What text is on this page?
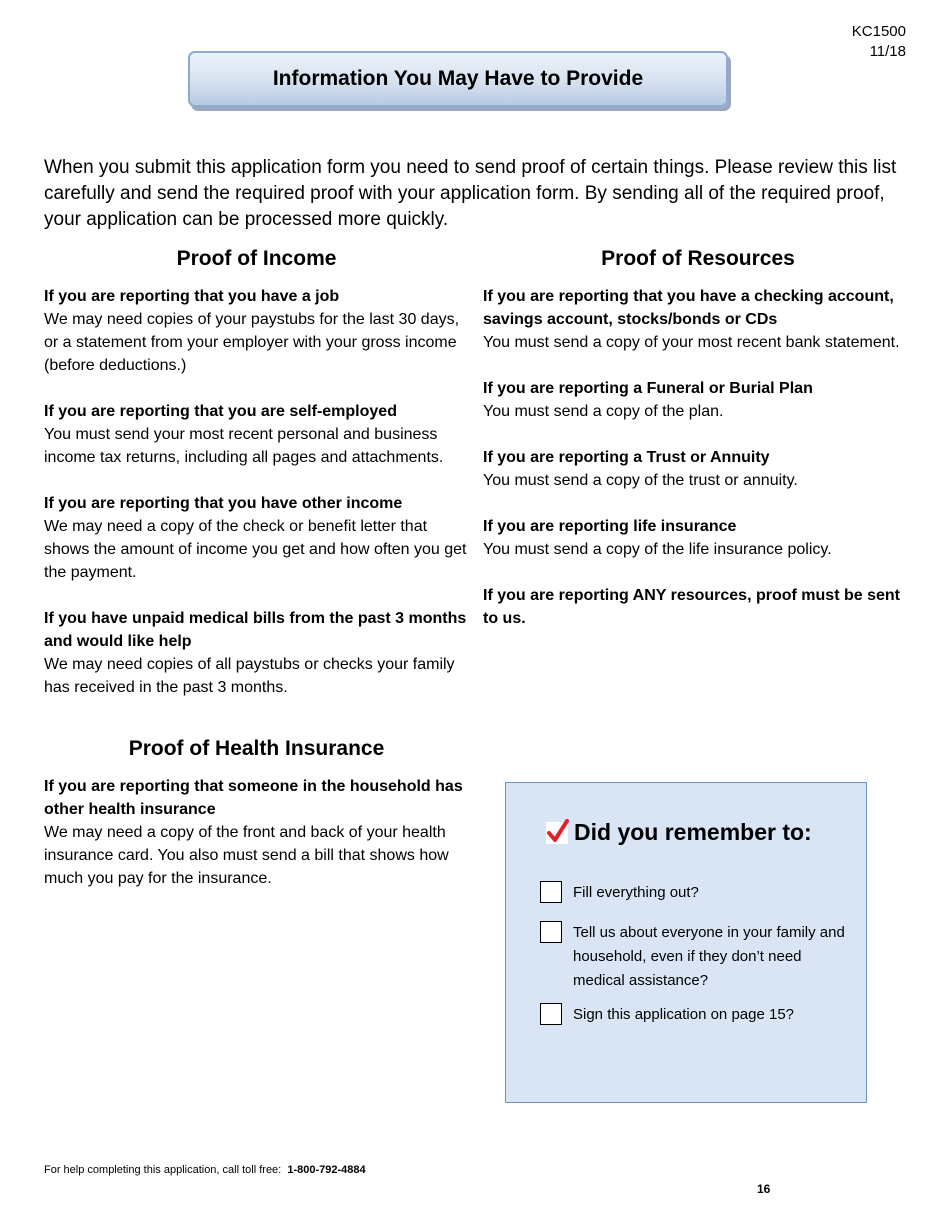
KC1500
11/18
Information You May Have to Provide
When you submit this application form you need to send proof of certain things. Please review this list carefully and send the required proof with your application form. By sending all of the required proof, your application can be processed more quickly.
Proof of Income
If you are reporting that you have a job
We may need copies of your paystubs for the last 30 days, or a statement from your employer with your gross income (before deductions.)
If you are reporting that you are self-employed
You must send your most recent personal and business income tax returns, including all pages and attachments.
If you are reporting that you have other income
We may need a copy of the check or benefit letter that shows the amount of income you get and how often you get the payment.
If you have unpaid medical bills from the past 3 months and would like help
We may need copies of all paystubs or checks your family has received in the past 3 months.
Proof of Resources
If you are reporting that you have a checking account, savings account, stocks/bonds or CDs
You must send a copy of your most recent bank statement.
If you are reporting a Funeral or Burial Plan
You must send a copy of the plan.
If you are reporting a Trust or Annuity
You must send a copy of the trust or annuity.
If you are reporting life insurance
You must send a copy of the life insurance policy.
If you are reporting ANY resources, proof must be sent to us.
Proof of Health Insurance
If you are reporting that someone in the household has other health insurance
We may need a copy of the front and back of your health insurance card. You also must send a bill that shows how much you pay for the insurance.
Did you remember to:
Fill everything out?
Tell us about everyone in your family and household, even if they don’t need medical assistance?
Sign this application on page 15?
For help completing this application, call toll free: 1-800-792-4884
16
